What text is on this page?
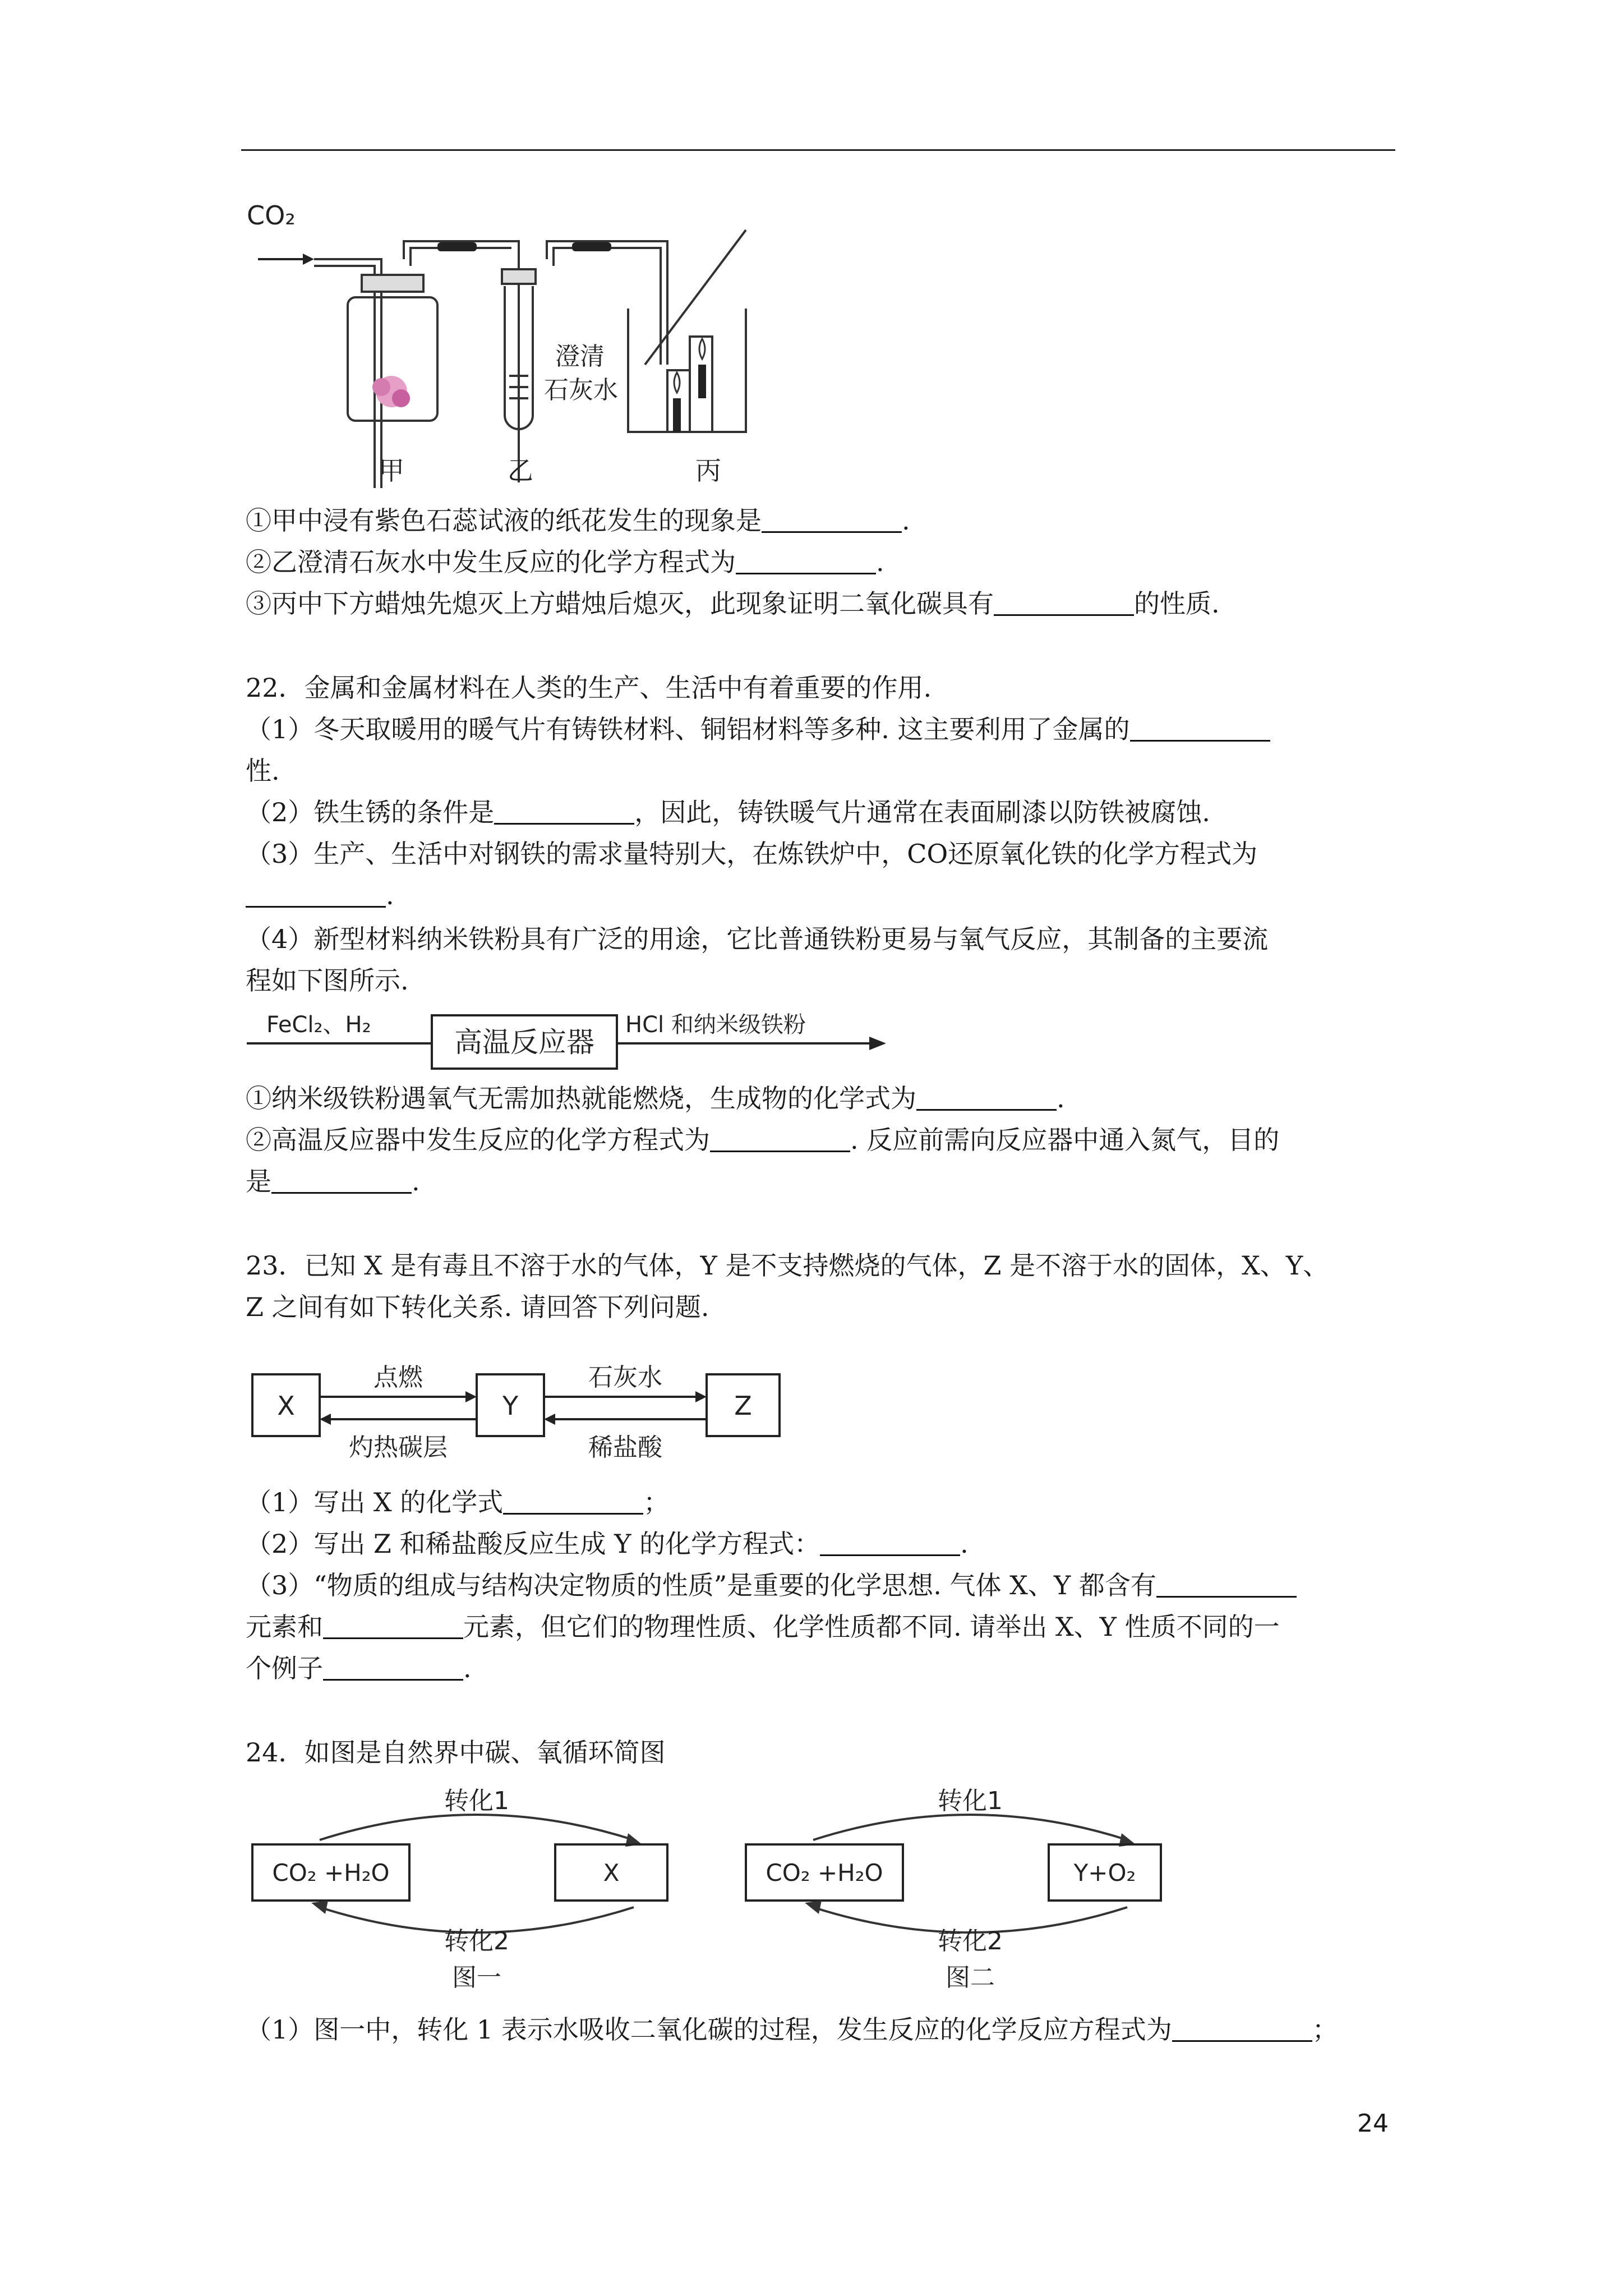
CO₂
澄清
石灰水
甲	乙	丙
①甲中浸有紫色石蕊试液的纸花发生的现象是	.
②乙澄清石灰水中发生反应的化学方程式为	.
③丙中下方蜡烛先熄灭上方蜡烛后熄灭，此现象证明二氧化碳具有	的性质.
22．金属和金属材料在人类的生产、生活中有着重要的作用.
（1）冬天取暖用的暖气片有铸铁材料、铜铝材料等多种. 这主要利用了金属的
性.
（2）铁生锈的条件是	，因此，铸铁暖气片通常在表面刷漆以防铁被腐蚀.
（3）生产、生活中对钢铁的需求量特别大，在炼铁炉中，CO还原氧化铁的化学方程式为
.
（4）新型材料纳米铁粉具有广泛的用途，它比普通铁粉更易与氧气反应，其制备的主要流
程如下图所示.
FeCl₂、H₂
高温反应器
HCl 和纳米级铁粉
①纳米级铁粉遇氧气无需加热就能燃烧，生成物的化学式为	.
②高温反应器中发生反应的化学方程式为	. 反应前需向反应器中通入氮气，目的
是	.
23．已知 X 是有毒且不溶于水的气体，Y 是不支持燃烧的气体，Z 是不溶于水的固体，X、Y、
Z 之间有如下转化关系. 请回答下列问题.
X	Y	Z
点燃
灼热碳层
石灰水
稀盐酸
（1）写出 X 的化学式	；
（2）写出 Z 和稀盐酸反应生成 Y 的化学方程式：	.
（3）“物质的组成与结构决定物质的性质”是重要的化学思想. 气体 X、Y 都含有
元素和	元素，但它们的物理性质、化学性质都不同. 请举出 X、Y 性质不同的一
个例子	.
24．如图是自然界中碳、氧循环简图
转化1
CO₂ +H₂O	X
转化2
图一
转化1
CO₂ +H₂O	Y+O₂
转化2
图二
（1）图一中，转化 1 表示水吸收二氧化碳的过程，发生反应的化学反应方程式为	；
24
